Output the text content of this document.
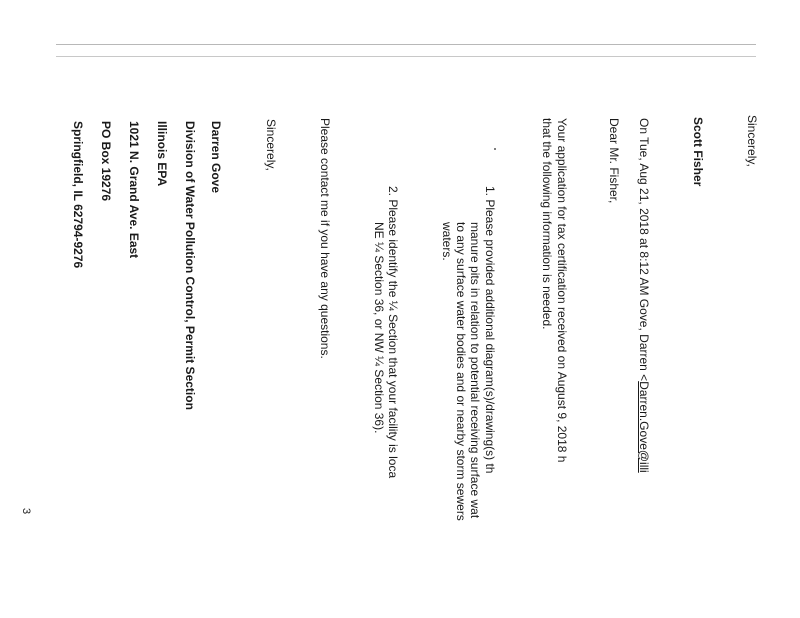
Sincerely,
Scott Fisher
On Tue, Aug 21, 2018 at 8:12 AM Gove, Darren <Darren.Gove@illi
Dear Mr. Fisher,
Your application for tax certification received on August 9, 2018 h
that the following information is needed.
1. Please provided additional diagram(s)/drawing(s) th
manure pits in relation to potential receiving surface wat
to any surface water bodies and or nearby storm sewers
waters.
2. Please identify the ¼ Section that your facility is loca
NE ¼ Section 36, or NW ¼ Section 36).
Please contact me if you have any questions.
Sincerely,
Darren Gove
Division of Water Pollution Control, Permit Section
Illinois EPA
1021 N. Grand Ave. East
PO Box 19276
Springfield, IL 62794-9276
3
